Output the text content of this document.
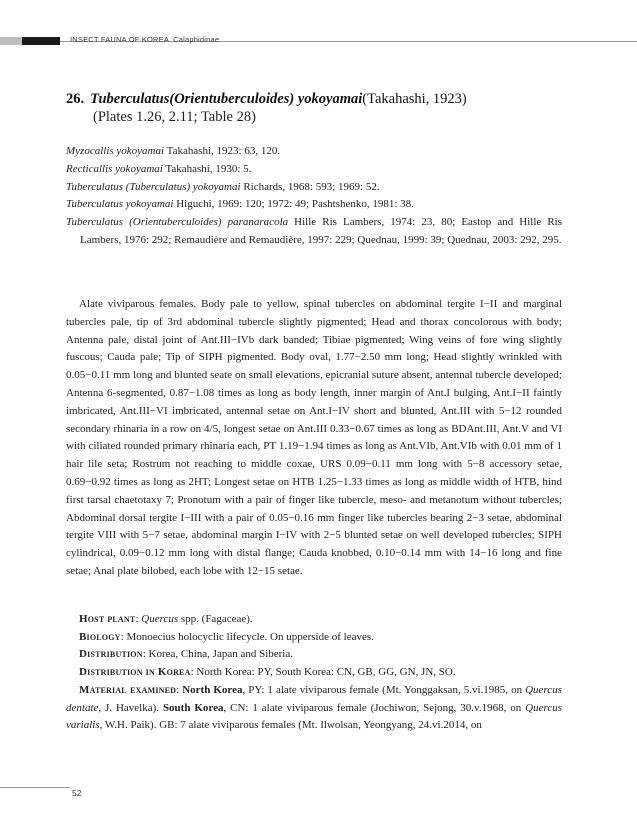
INSECT FAUNA OF KOREA Calaphidinae
26. Tuberculatus(Orientuberculoides) yokoyamai(Takahashi, 1923)
(Plates 1.26, 2.11; Table 28)

Myzocallis yokoyamai Takahashi, 1923: 63, 120.

Recticallis yokoyamai Takahashi, 1930: 5.

Tuberculatus (Tuberculatus) yokoyamai Richards, 1968: 593; 1969: 52.

Tuberculatus yokoyamai Higuchi, 1969: 120; 1972: 49; Pashtshenko, 1981: 38.

Tuberculatus (Orientuberculoides) paranaracola Hille Ris Lambers, 1974: 23, 80; Eastop and Hille Ris Lambers, 1976: 292; Remaudière and Remaudière, 1997: 229; Quednau, 1999: 39; Quednau, 2003: 292, 295.

Alate viviparous females. Body pale to yellow, spinal tubercles on abdominal tergite I−II and marginal tubercles pale, tip of 3rd abdominal tubercle slightly pigmented; Head and thorax concolorous with body; Antenna pale, distal joint of Ant.III−IVb dark banded; Tibiae pigmented; Wing veins of fore wing slightly fuscous; Cauda pale; Tip of SIPH pigmented. Body oval, 1.77−2.50 mm long; Head slightly wrinkled with 0.05−0.11 mm long and blunted seate on small elevations, epicranial suture absent, antennal tubercle developed; Antenna 6-segmented, 0.87−1.08 times as long as body length, inner margin of Ant.I bulging, Ant.I−II faintly imbricated, Ant.III−VI imbricated, antennal setae on Ant.I−IV short and blunted, Ant.III with 5−12 rounded secondary rhinaria in a row on 4/5, longest setae on Ant.III 0.33−0.67 times as long as BDAnt.III, Ant.V and VI with ciliated rounded primary rhinaria each, PT 1.19−1.94 times as long as Ant.VIb, Ant.VIb with 0.01 mm of 1 hair lile seta; Rostrum not reaching to middle coxae, URS 0.09−0.11 mm long with 5−8 accessory setae, 0.69−0.92 times as long as 2HT; Longest setae on HTB 1.25−1.33 times as long as middle width of HTB, hind first tarsal chaetotaxy 7; Pronotum with a pair of finger like tubercle, meso- and metanotum without tubercles; Abdominal dorsal tergite I−III with a pair of 0.05−0.16 mm finger like tubercles bearing 2−3 setae, abdominal tergite VIII with 5−7 setae, abdominal margin I−IV with 2−5 blunted setae on well developed tubercles; SIPH cylindrical, 0.09−0.12 mm long with distal flange; Cauda knobbed, 0.10−0.14 mm with 14−16 long and fine setae; Anal plate bilobed, each lobe with 12−15 setae.

Host plant: Quercus spp. (Fagaceae).

Biology: Monoecius holocyclic lifecycle. On upperside of leaves.

Distribution: Korea, China, Japan and Siberia.

Distribution in Korea: North Korea: PY, South Korea: CN, GB, GG, GN, JN, SO.

Material examined: North Korea, PY: 1 alate viviparous female (Mt. Yonggaksan, 5.vi.1985, on Quercus dentate, J. Havelka). South Korea, CN: 1 alate viviparous female (Jochiwon, Sejong, 30.v.1968, on Quercus varialis, W.H. Paik). GB: 7 alate viviparous females (Mt. Ilwolsan, Yeongyang, 24.vi.2014, on

52
